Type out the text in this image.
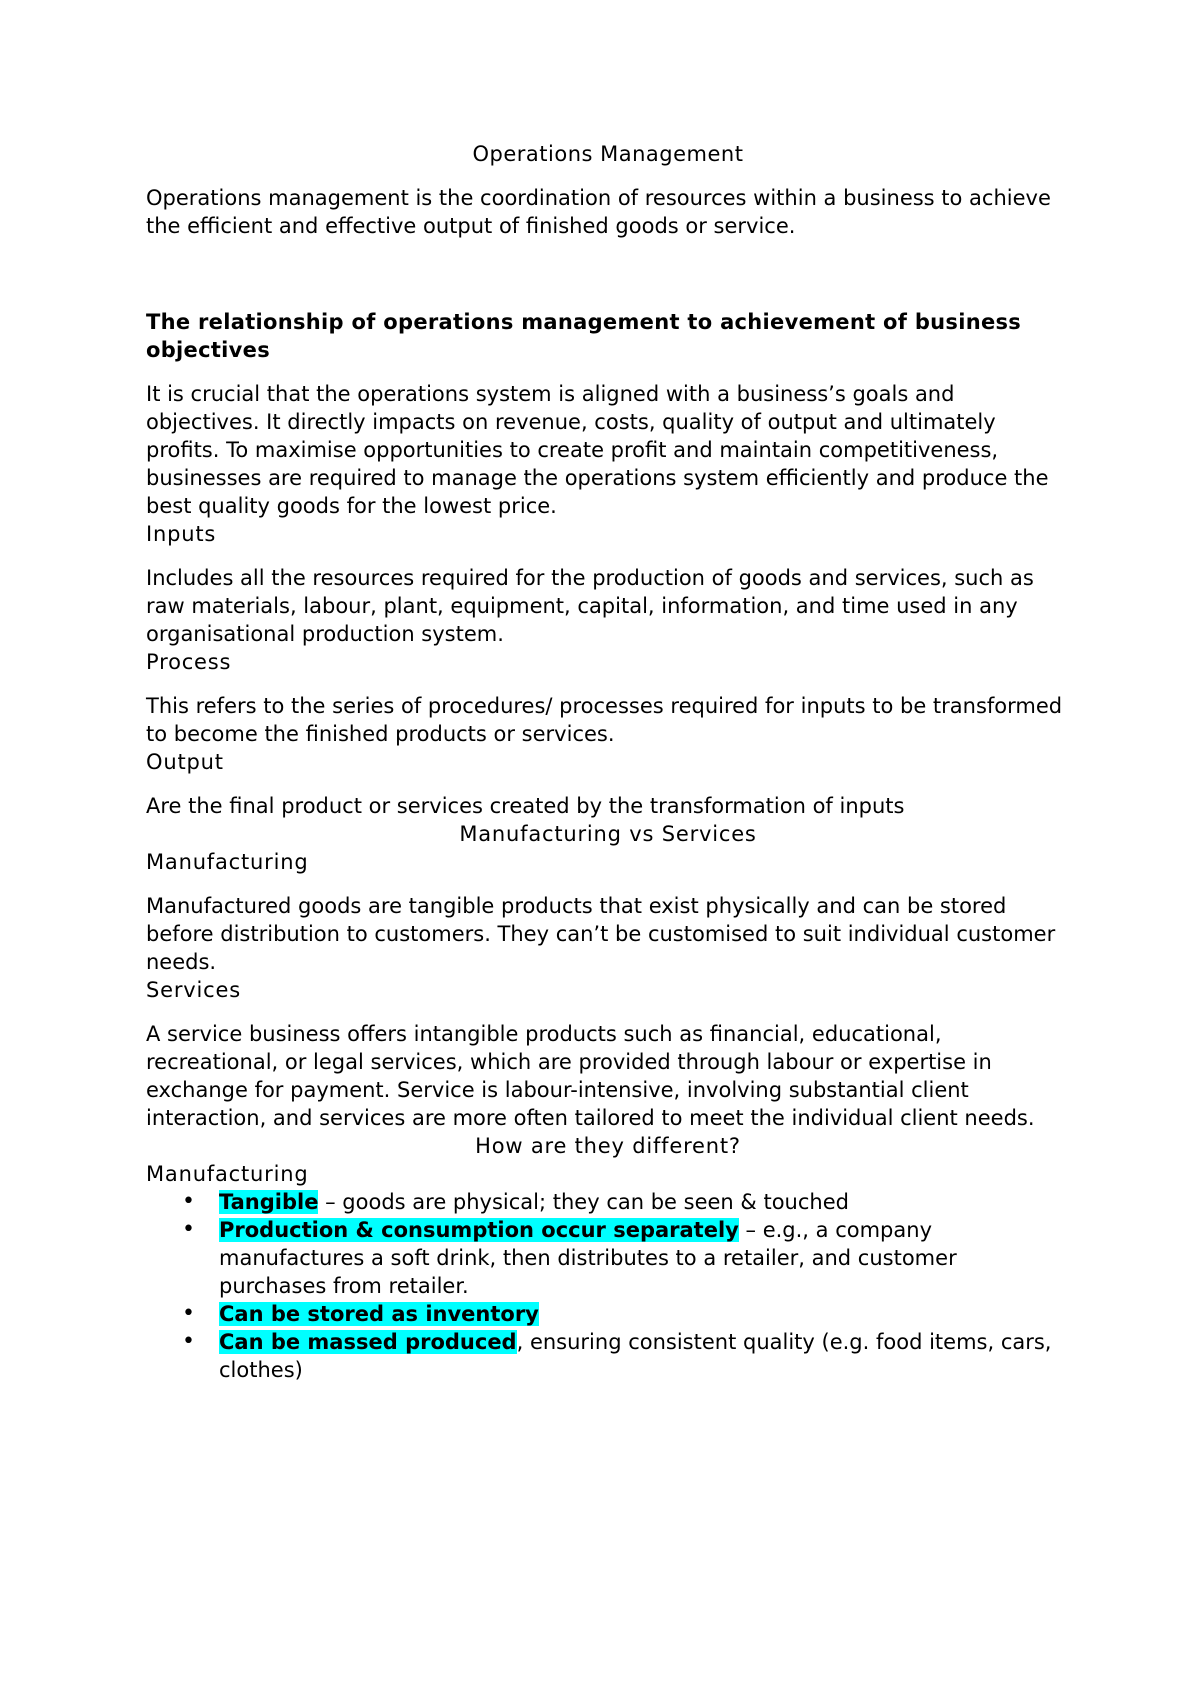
Operations Management

Operations management is the coordination of resources within a business to achieve the efficient and effective output of finished goods or service.

The relationship of operations management to achievement of business objectives

It is crucial that the operations system is aligned with a business’s goals and objectives. It directly impacts on revenue, costs, quality of output and ultimately profits. To maximise opportunities to create profit and maintain competitiveness, businesses are required to manage the operations system efficiently and produce the best quality goods for the lowest price.

Inputs

Includes all the resources required for the production of goods and services, such as raw materials, labour, plant, equipment, capital, information, and time used in any organisational production system.

Process

This refers to the series of procedures/ processes required for inputs to be transformed to become the finished products or services.

Output

Are the final product or services created by the transformation of inputs

Manufacturing vs Services
Manufacturing

Manufactured goods are tangible products that exist physically and can be stored before distribution to customers. They can’t be customised to suit individual customer needs.

Services

A service business offers intangible products such as financial, educational, recreational, or legal services, which are provided through labour or expertise in exchange for payment. Service is labour-intensive, involving substantial client interaction, and services are more often tailored to meet the individual client needs.

How are they different?
Manufacturing
• Tangible – goods are physical; they can be seen & touched
• Production & consumption occur separately – e.g., a company manufactures a soft drink, then distributes to a retailer, and customer purchases from retailer.
• Can be stored as inventory
• Can be massed produced, ensuring consistent quality (e.g. food items, cars, clothes)
